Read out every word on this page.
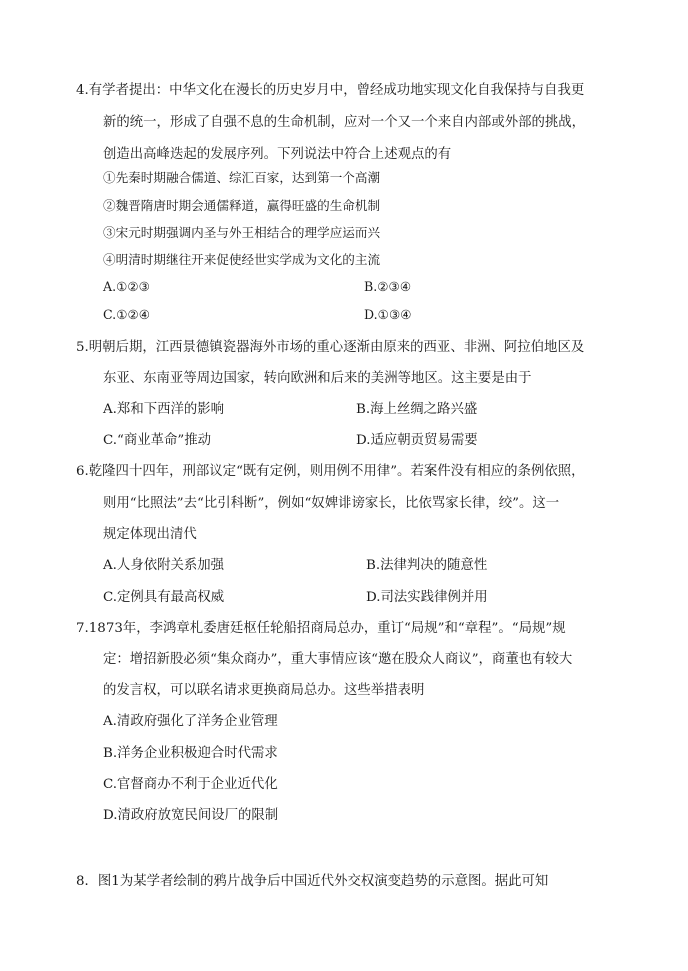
4.有学者提出：中华文化在漫长的历史岁月中，曾经成功地实现文化自我保持与自我更
新的统一，形成了自强不息的生命机制，应对一个又一个来自内部或外部的挑战，
创造出高峰迭起的发展序列。下列说法中符合上述观点的有
①先秦时期融合儒道、综汇百家，达到第一个高潮
②魏晋隋唐时期会通儒释道，赢得旺盛的生命机制
③宋元时期强调内圣与外王相结合的理学应运而兴
④明清时期继往开来促使经世实学成为文化的主流
A.①②③	B.②③④
C.①②④	D.①③④
5.明朝后期，江西景德镇瓷器海外市场的重心逐渐由原来的西亚、非洲、阿拉伯地区及
东亚、东南亚等周边国家，转向欧洲和后来的美洲等地区。这主要是由于
A.郑和下西洋的影响	B.海上丝绸之路兴盛
C.“商业革命”推动	D.适应朝贡贸易需要
6.乾隆四十四年，刑部议定“既有定例，则用例不用律”。若案件没有相应的条例依照，
则用“比照法”去“比引科断”，例如“奴婢诽谤家长，比依骂家长律，绞”。这一
规定体现出清代
A.人身依附关系加强	B.法律判决的随意性
C.定例具有最高权威	D.司法实践律例并用
7.1873年，李鸿章札委唐廷枢任轮船招商局总办，重订“局规”和“章程”。“局规”规
定：增招新股必须“集众商办”，重大事情应该“邀在股众人商议”，商董也有较大
的发言权，可以联名请求更换商局总办。这些举措表明
A.清政府强化了洋务企业管理
B.洋务企业积极迎合时代需求
C.官督商办不利于企业近代化
D.清政府放宽民间设厂的限制
8．图1为某学者绘制的鸦片战争后中国近代外交权演变趋势的示意图。据此可知
